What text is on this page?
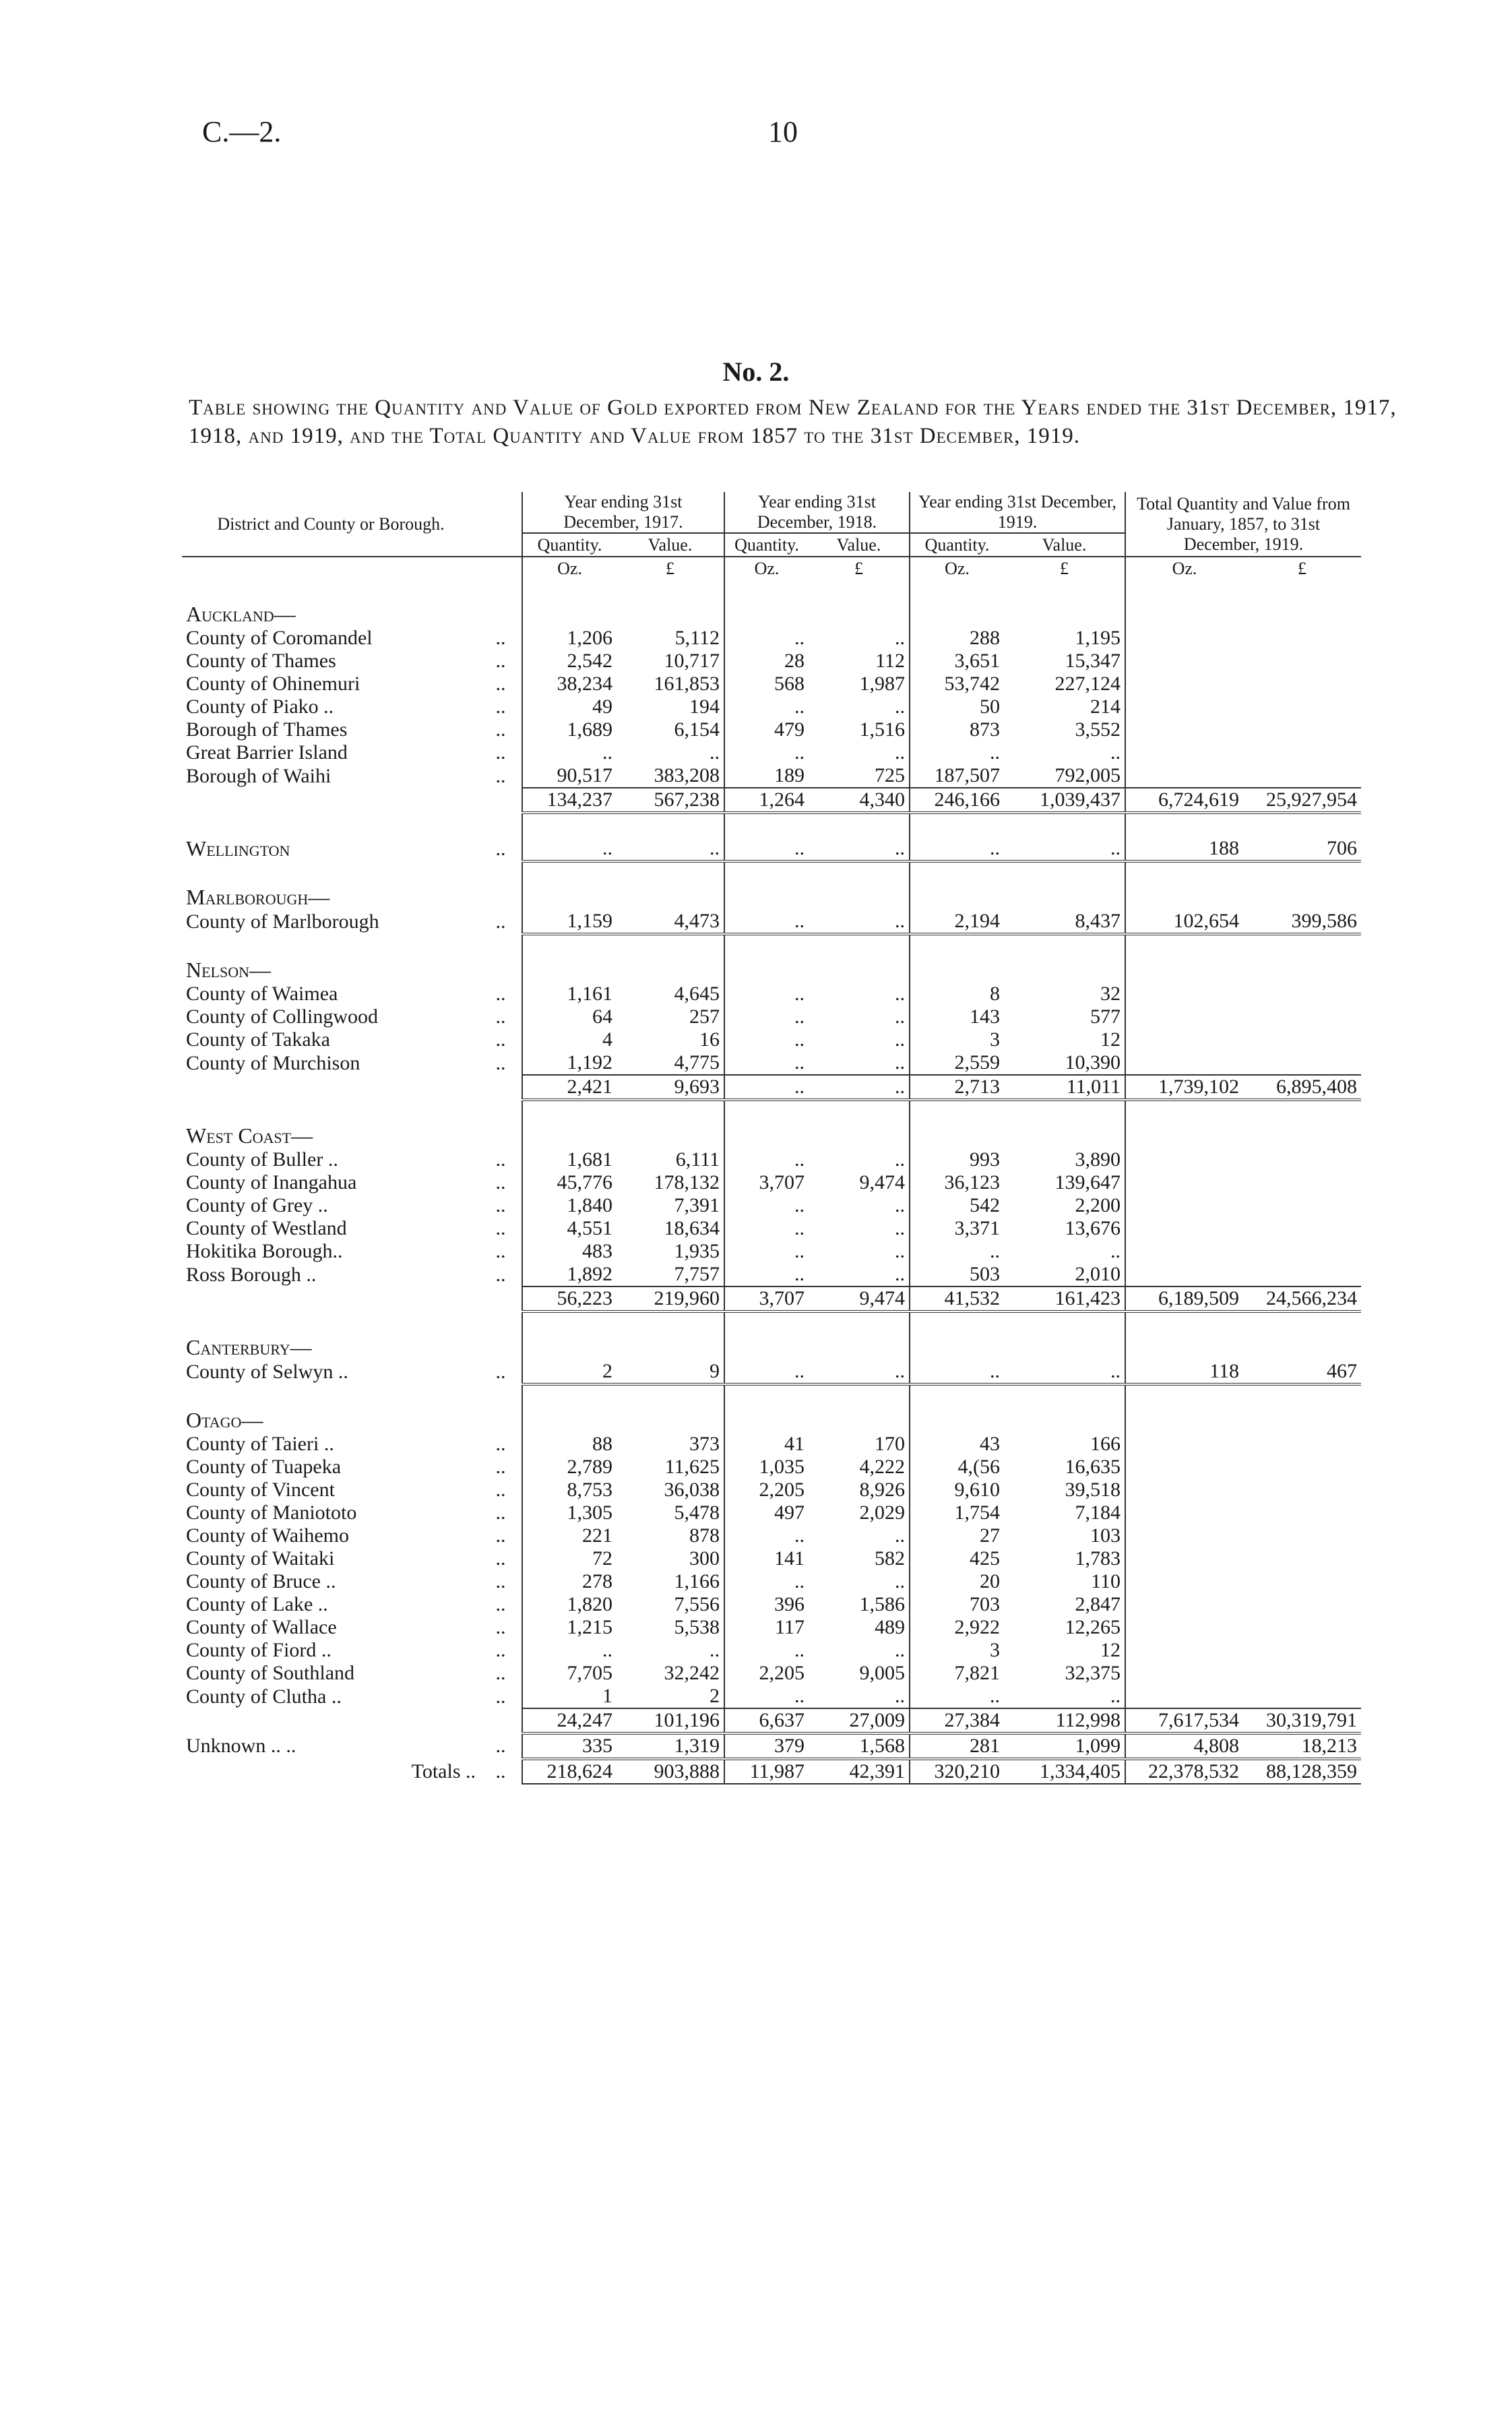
C.—2.	10
No. 2.
Table showing the Quantity and Value of Gold exported from New Zealand for the Years ended the 31st December, 1917, 1918, and 1919, and the Total Quantity and Value from 1857 to the 31st December, 1919.
District and County or Borough.		Year ending 31st December, 1917.		Year ending 31st December, 1918.		Year ending 31st December, 1919.		Total Quantity and Value from January, 1857, to 31st December, 1919.	
		Quantity.	Value.	Quantity.	Value.	Quantity.	Value.		
		Oz.	£	Oz.	£	Oz.	£	Oz.	£

Auckland—									
County of Coromandel	..	1,206	5,112	..	..	288	1,195		
County of Thames	..	2,542	10,717	28	112	3,651	15,347		
County of Ohinemuri	..	38,234	161,853	568	1,987	53,742	227,124		
County of Piako ..	..	49	194	..	..	50	214		
Borough of Thames	..	1,689	6,154	479	1,516	873	3,552		
Great Barrier Island	..	..	..	..	..	..	..		
Borough of Waihi	..	90,517	383,208	189	725	187,507	792,005		
		134,237	567,238	1,264	4,340	246,166	1,039,437	6,724,619	25,927,954

Wellington	..	..	..	..	..	..	..	188	706

Marlborough—									
County of Marlborough	..	1,159	4,473	..	..	2,194	8,437	102,654	399,586

Nelson—									
County of Waimea	..	1,161	4,645	..	..	8	32		
County of Collingwood	..	64	257	..	..	143	577		
County of Takaka	..	4	16	..	..	3	12		
County of Murchison	..	1,192	4,775	..	..	2,559	10,390		
		2,421	9,693	..	..	2,713	11,011	1,739,102	6,895,408

West Coast—									
County of Buller ..	..	1,681	6,111	..	..	993	3,890		
County of Inangahua	..	45,776	178,132	3,707	9,474	36,123	139,647		
County of Grey ..	..	1,840	7,391	..	..	542	2,200		
County of Westland	..	4,551	18,634	..	..	3,371	13,676		
Hokitika Borough..	..	483	1,935	..	..	..	..		
Ross Borough ..	..	1,892	7,757	..	..	503	2,010		
		56,223	219,960	3,707	9,474	41,532	161,423	6,189,509	24,566,234

Canterbury—									
County of Selwyn ..	..	2	9	..	..	..	..	118	467

Otago—									
County of Taieri ..	..	88	373	41	170	43	166		
County of Tuapeka	..	2,789	11,625	1,035	4,222	4,(56	16,635		
County of Vincent	..	8,753	36,038	2,205	8,926	9,610	39,518		
County of Maniototo	..	1,305	5,478	497	2,029	1,754	7,184		
County of Waihemo	..	221	878	..	..	27	103		
County of Waitaki	..	72	300	141	582	425	1,783		
County of Bruce ..	..	278	1,166	..	..	20	110		
County of Lake ..	..	1,820	7,556	396	1,586	703	2,847		
County of Wallace	..	1,215	5,538	117	489	2,922	12,265		
County of Fiord ..	..	..	..	..	..	3	12		
County of Southland	..	7,705	32,242	2,205	9,005	7,821	32,375		
County of Clutha ..	..	1	2	..	..	..	..		
		24,247	101,196	6,637	27,009	27,384	112,998	7,617,534	30,319,791
Unknown .. ..	..	335	1,319	379	1,568	281	1,099	4,808	18,213
Totals ..	..	218,624	903,888	11,987	42,391	320,210	1,334,405	22,378,532	88,128,359
